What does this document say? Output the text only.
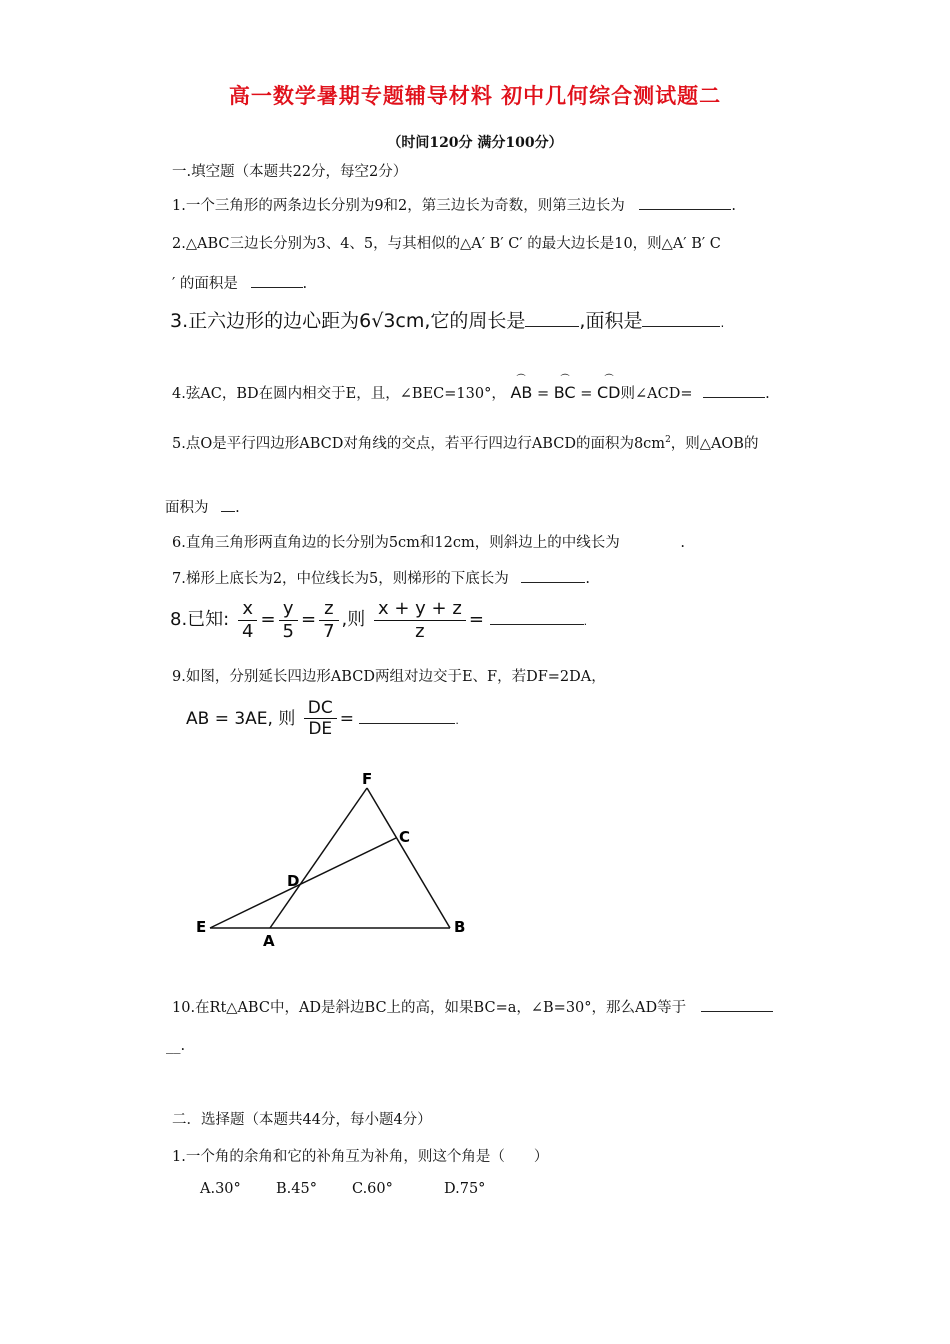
高一数学暑期专题辅导材料 初中几何综合测试题二
（时间120分 满分100分）
一.填空题（本题共22分，每空2分）
1.一个三角形的两条边长分别为9和2，第三边长为奇数，则第三边长为	.
2.△ABC三边长分别为3、4、5，与其相似的△A′ B′ C′ 的最大边长是10，则△A′ B′ C
′ 的面积是	.
3.正六边形的边心距为6√3cm,它的周长是	,面积是	.
4.弦AC，BD在圆内相交于E，且，∠BEC=130°， ⌒ AB = ⌒ BC = ⌒ CD则∠ACD=	.
5.点O是平行四边形ABCD对角线的交点，若平行四边行ABCD的面积为$8cm^2$，则△AOB的
面积为 .
6.直角三角形两直角边的长分别为5cm和12cm，则斜边上的中线长为	.
7.梯形上底长为2，中位线长为5，则梯形的下底长为	.
8.已知: $\frac{x}{4} = \frac{y}{5} = \frac{z}{7}$ ,则 $\frac{x + y + z}{z}$ =	.
9.如图，分别延长四边形ABCD两组对边交于E、F，若DF=2DA，
AB = 3AE, 则 $\frac{DC}{DE}$ =	.
E
A
B
D
C
F
10.在Rt△ABC中，AD是斜边BC上的高，如果BC=a，∠B=30°，那么AD等于
__.
二．选择题（本题共44分，每小题4分）
1.一个角的余角和它的补角互为补角，则这个角是（　　）
A.30° B.45° C.60°	D.75°
